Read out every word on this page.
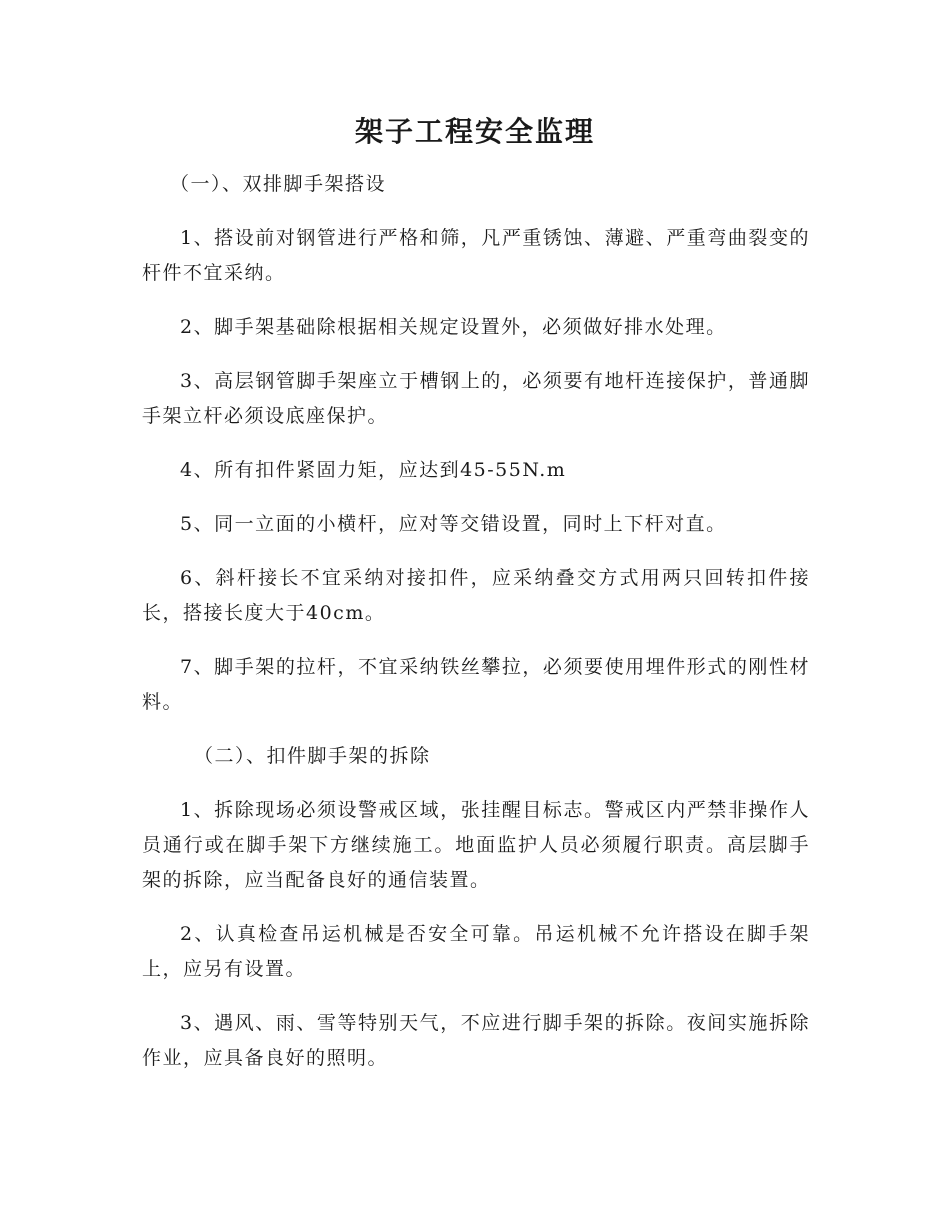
架子工程安全监理

（一）、双排脚手架搭设

1、搭设前对钢管进行严格和筛，凡严重锈蚀、薄避、严重弯曲裂变的杆件不宜采纳。

2、脚手架基础除根据相关规定设置外，必须做好排水处理。

3、高层钢管脚手架座立于槽钢上的，必须要有地杆连接保护，普通脚手架立杆必须设底座保护。

4、所有扣件紧固力矩，应达到45-55N.m

5、同一立面的小横杆，应对等交错设置，同时上下杆对直。

6、斜杆接长不宜采纳对接扣件，应采纳叠交方式用两只回转扣件接长，搭接长度大于40cm。

7、脚手架的拉杆，不宜采纳铁丝攀拉，必须要使用埋件形式的刚性材料。

（二）、扣件脚手架的拆除

1、拆除现场必须设警戒区域，张挂醒目标志。警戒区内严禁非操作人员通行或在脚手架下方继续施工。地面监护人员必须履行职责。高层脚手架的拆除，应当配备良好的通信装置。

2、认真检查吊运机械是否安全可靠。吊运机械不允许搭设在脚手架上，应另有设置。

3、遇风、雨、雪等特别天气，不应进行脚手架的拆除。夜间实施拆除作业，应具备良好的照明。
